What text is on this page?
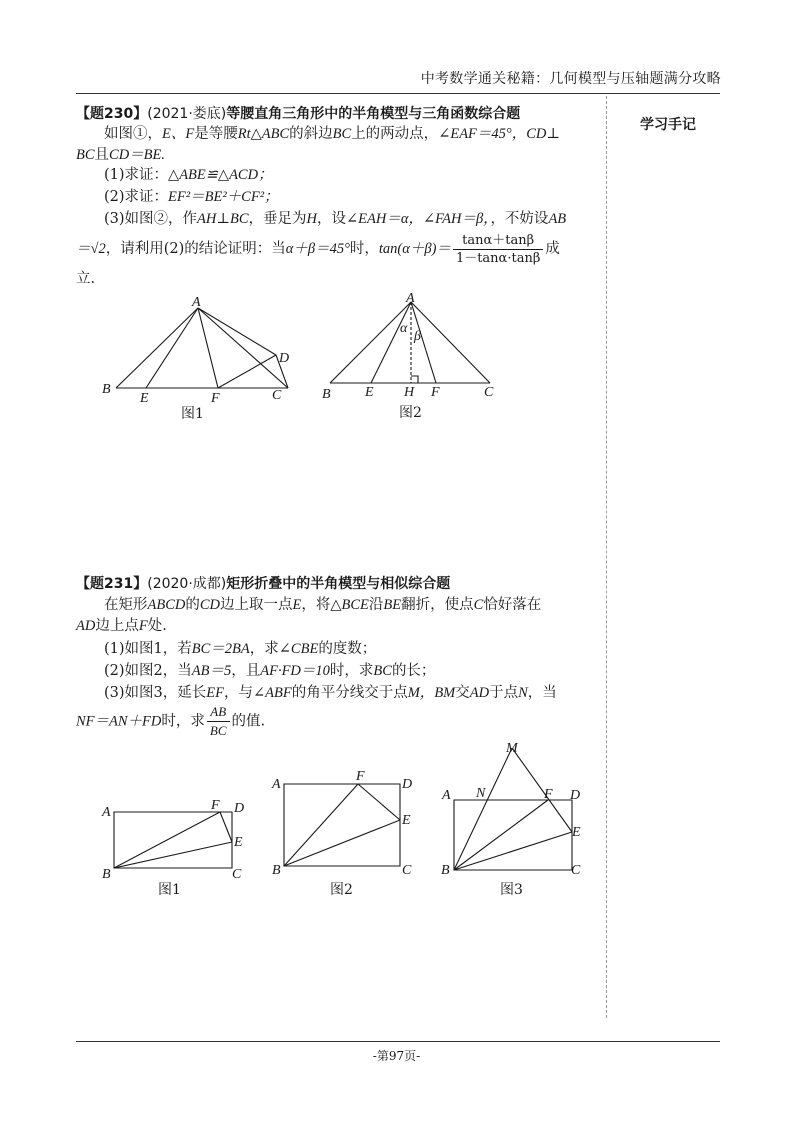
中考数学通关秘籍：几何模型与压轴题满分攻略
学习手记
【题230】(2021·娄底)等腰直角三角形中的半角模型与三角函数综合题
如图①，E、F是等腰Rt△ABC的斜边BC上的两动点，∠EAF＝45°，CD⊥
BC且CD＝BE.
(1)求证：△ABE≌△ACD；
(2)求证：EF²＝BE²＋CF²；
(3)如图②，作AH⊥BC，垂足为H，设∠EAH＝α，∠FAH＝β，，不妨设AB
＝√2，请利用(2)的结论证明：当α＋β＝45°时，$\tan(\alpha+\beta)= \frac{\tan\alpha+\tan\beta}{1-\tan\alpha\cdot\tan\beta}$ 成
立.
A
B
E	F	C
D
图1
A
α
β
B E H F	C
图2
【题231】(2020·成都)矩形折叠中的半角模型与相似综合题
在矩形ABCD的CD边上取一点E，将△BCE沿BE翻折，使点C恰好落在
AD边上点F处.
(1)如图1，若BC＝2BA，求∠CBE的度数；
(2)如图2，当AB＝5，且AF·FD＝10时，求BC的长；
(3)如图3，延长EF，与∠ABF的角平分线交于点M，BM交AD于点N，当
NF＝AN＋FD时，求 $\frac{AB}{BC}$ 的值.
A	F D
E
B	C
图1
A
F
D
E
B	C
图2
M
A N	F D
E
B	C
图3
-第97页-
